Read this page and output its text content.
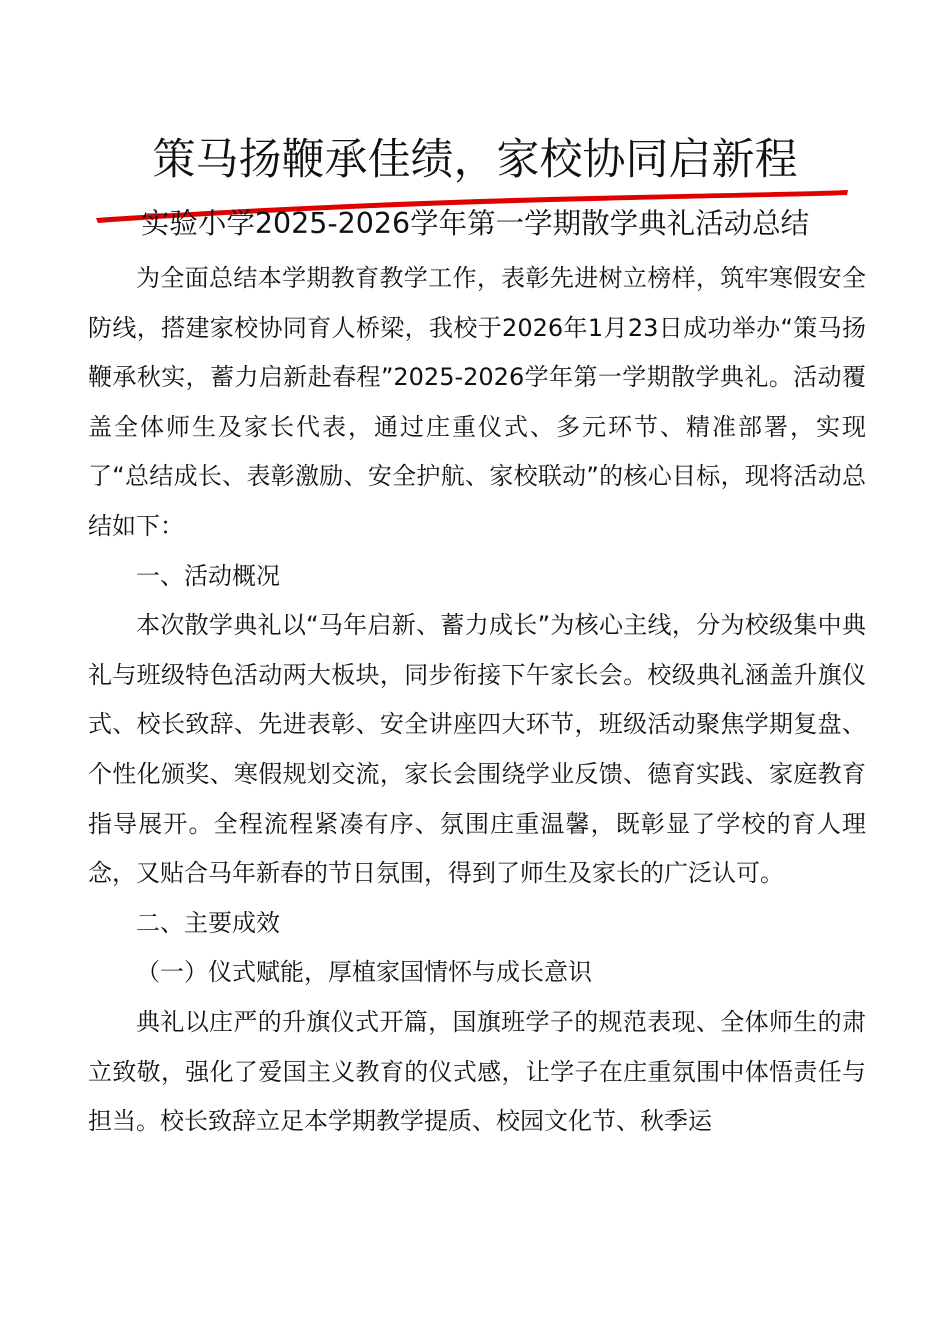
策马扬鞭承佳绩，家校协同启新程
实验小学2025-2026学年第一学期散学典礼活动总结

为全面总结本学期教育教学工作，表彰先进树立榜样，筑牢寒假安全防线，搭建家校协同育人桥梁，我校于2026年1月23日成功举办“策马扬鞭承秋实，蓄力启新赴春程”2025-2026学年第一学期散学典礼。活动覆盖全体师生及家长代表，通过庄重仪式、多元环节、精准部署，实现了“总结成长、表彰激励、安全护航、家校联动”的核心目标，现将活动总结如下：

一、活动概况

本次散学典礼以“马年启新、蓄力成长”为核心主线，分为校级集中典礼与班级特色活动两大板块，同步衔接下午家长会。校级典礼涵盖升旗仪式、校长致辞、先进表彰、安全讲座四大环节，班级活动聚焦学期复盘、个性化颁奖、寒假规划交流，家长会围绕学业反馈、德育实践、家庭教育指导展开。全程流程紧凑有序、氛围庄重温馨，既彰显了学校的育人理念，又贴合马年新春的节日氛围，得到了师生及家长的广泛认可。

二、主要成效

（一）仪式赋能，厚植家国情怀与成长意识

典礼以庄严的升旗仪式开篇，国旗班学子的规范表现、全体师生的肃立致敬，强化了爱国主义教育的仪式感，让学子在庄重氛围中体悟责任与担当。校长致辞立足本学期教学提质、校园文化节、秋季运
